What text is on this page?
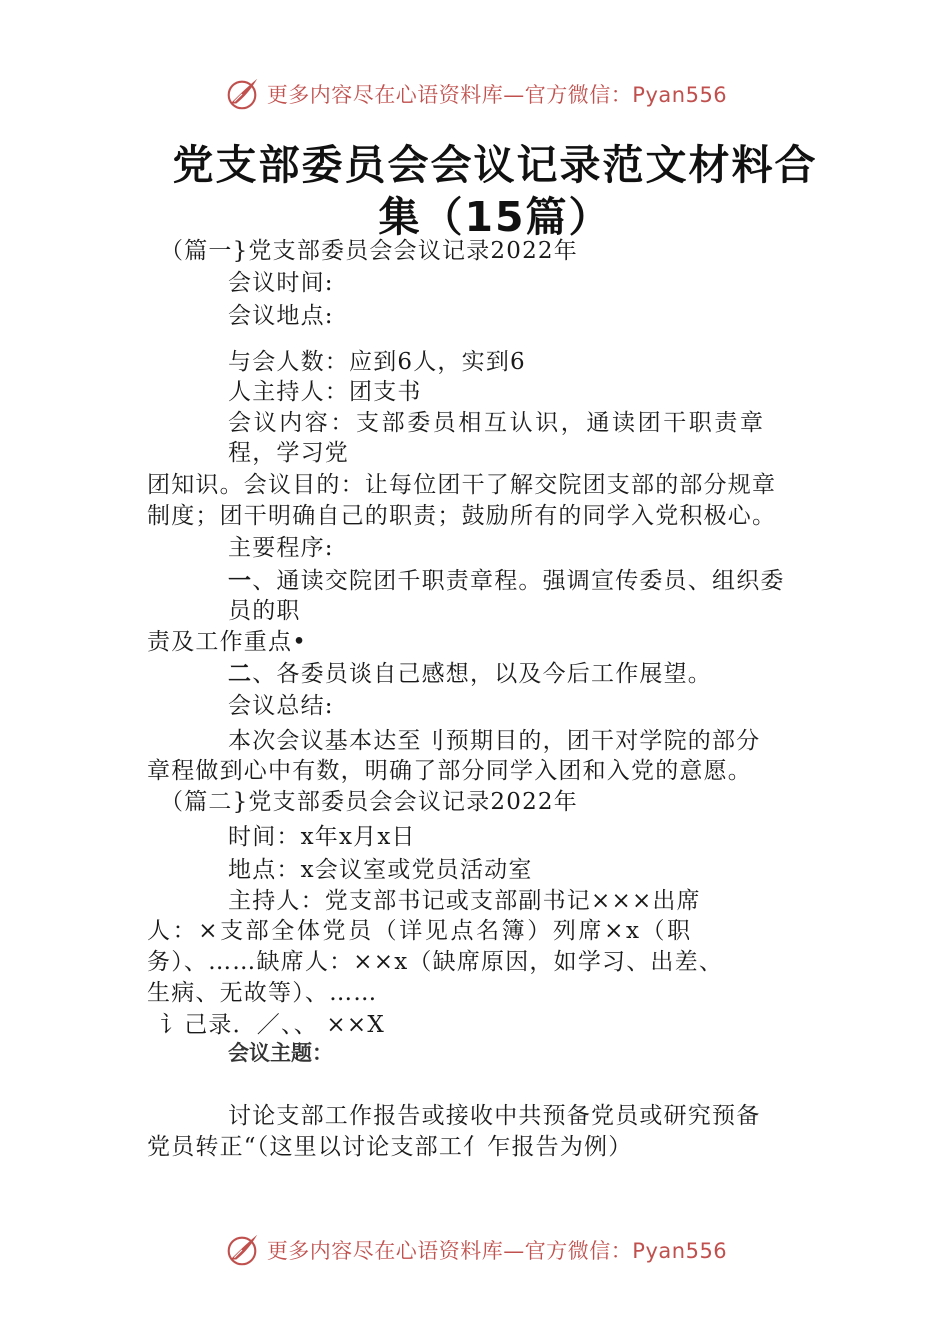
更多内容尽在心语资料库—官方微信：Pyan556
党支部委员会会议记录范文材料合
集（15篇）
（篇一}党支部委员会会议记录2022年
会议时间:
会议地点:
与会人数：应到6人，实到6
人主持人：团支书
会议内容：支部委员相互认识，通读团干职责章
程，学习党
团知识。会议目的：让每位团干了解交院团支部的部分规章
制度；团干明确自己的职责；鼓励所有的同学入党积极心。
主要程序:
一、通读交院团千职责章程。强调宣传委员、组织委
员的职
责及工作重点•
二、各委员谈自己感想，以及今后工作展望。
会议总结:
本次会议基本达至刂预期目的，团干对学院的部分
章程做到心中有数，明确了部分同学入团和入党的意愿。
（篇二}党支部委员会会议记录2022年
时间：x年x月x日
地点：x会议室或党员活动室
主持人：党支部书记或支部副书记×××出席
人：×支部全体党员（详见点名簿）列席×x（职
务）、……缺席人：××x（缺席原因，如学习、出差、
生病、无故等）、……
讠己录．／、、 ××X
会议主题：
讨论支部工作报告或接收中共预备党员或研究预备
党员转正“（这里以讨论支部工亻乍报告为例）
更多内容尽在心语资料库—官方微信：Pyan556
